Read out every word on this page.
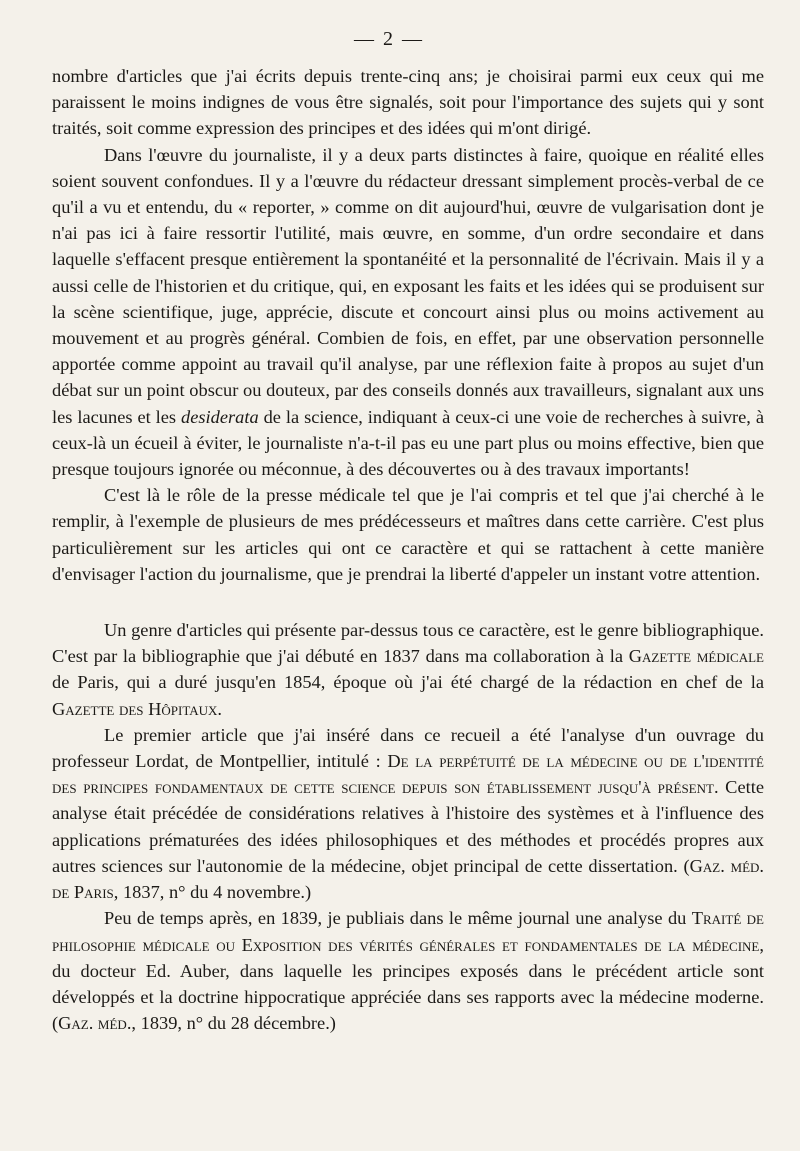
— 2 —

nombre d'articles que j'ai écrits depuis trente-cinq ans; je choisirai parmi eux ceux qui me paraissent le moins indignes de vous être signalés, soit pour l'importance des sujets qui y sont traités, soit comme expression des principes et des idées qui m'ont dirigé.

Dans l'œuvre du journaliste, il y a deux parts distinctes à faire, quoique en réalité elles soient souvent confondues. Il y a l'œuvre du rédacteur dressant simplement procès-verbal de ce qu'il a vu et entendu, du « reporter, » comme on dit aujourd'hui, œuvre de vulgarisation dont je n'ai pas ici à faire ressortir l'utilité, mais œuvre, en somme, d'un ordre secondaire et dans laquelle s'effacent presque entièrement la spontanéité et la personnalité de l'écrivain. Mais il y a aussi celle de l'historien et du critique, qui, en exposant les faits et les idées qui se produisent sur la scène scientifique, juge, apprécie, discute et concourt ainsi plus ou moins activement au mouvement et au progrès général. Combien de fois, en effet, par une observation personnelle apportée comme appoint au travail qu'il analyse, par une réflexion faite à propos au sujet d'un débat sur un point obscur ou douteux, par des conseils donnés aux travailleurs, signalant aux uns les lacunes et les desiderata de la science, indiquant à ceux-ci une voie de recherches à suivre, à ceux-là un écueil à éviter, le journaliste n'a-t-il pas eu une part plus ou moins effective, bien que presque toujours ignorée ou méconnue, à des découvertes ou à des travaux importants!

C'est là le rôle de la presse médicale tel que je l'ai compris et tel que j'ai cherché à le remplir, à l'exemple de plusieurs de mes prédécesseurs et maîtres dans cette carrière. C'est plus particulièrement sur les articles qui ont ce caractère et qui se rattachent à cette manière d'envisager l'action du journalisme, que je prendrai la liberté d'appeler un instant votre attention.

Un genre d'articles qui présente par-dessus tous ce caractère, est le genre bibliographique. C'est par la bibliographie que j'ai débuté en 1837 dans ma collaboration à la Gazette médicale de Paris, qui a duré jusqu'en 1854, époque où j'ai été chargé de la rédaction en chef de la Gazette des Hôpitaux.

Le premier article que j'ai inséré dans ce recueil a été l'analyse d'un ouvrage du professeur Lordat, de Montpellier, intitulé : De la perpétuité de la médecine ou de l'identité des principes fondamentaux de cette science depuis son établissement jusqu'à présent. Cette analyse était précédée de considérations relatives à l'histoire des systèmes et à l'influence des applications prématurées des idées philosophiques et des méthodes et procédés propres aux autres sciences sur l'autonomie de la médecine, objet principal de cette dissertation. (Gaz. méd. de Paris, 1837, n° du 4 novembre.)

Peu de temps après, en 1839, je publiais dans le même journal une analyse du Traité de philosophie médicale ou Exposition des vérités générales et fondamentales de la médecine, du docteur Ed. Auber, dans laquelle les principes exposés dans le précédent article sont développés et la doctrine hippocratique appréciée dans ses rapports avec la médecine moderne. (Gaz. méd., 1839, n° du 28 décembre.)
